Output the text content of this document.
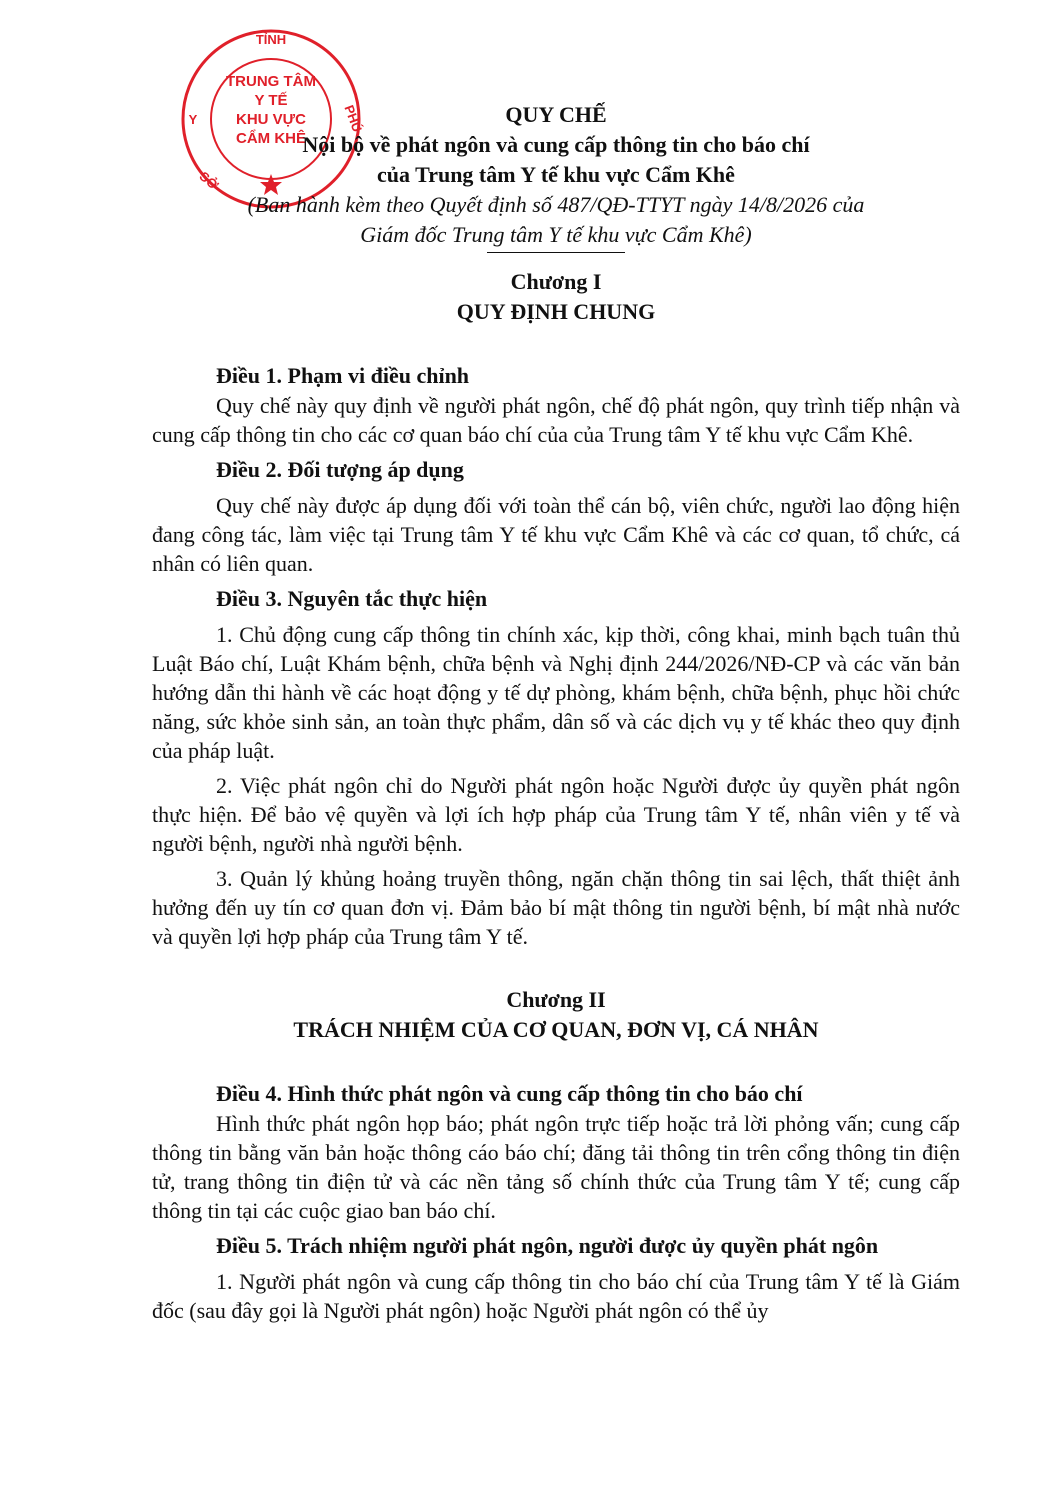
TỈNH
Y	PHÚ
SỞ
TRUNG TÂM
Y TẾ
KHU VỰC
CẨM KHÊ

QUY CHẾ

Nội bộ về phát ngôn và cung cấp thông tin cho báo chí

của Trung tâm Y tế khu vực Cẩm Khê

(Ban hành kèm theo Quyết định số 487/QĐ-TTYT ngày 14/8/2026 của

Giám đốc Trung tâm Y tế khu vực Cẩm Khê)

Chương I

QUY ĐỊNH CHUNG

Điều 1. Phạm vi điều chỉnh

Quy chế này quy định về người phát ngôn, chế độ phát ngôn, quy trình tiếp nhận và cung cấp thông tin cho các cơ quan báo chí của của Trung tâm Y tế khu vực Cẩm Khê.

Điều 2. Đối tượng áp dụng

Quy chế này được áp dụng đối với toàn thể cán bộ, viên chức, người lao động hiện đang công tác, làm việc tại Trung tâm Y tế khu vực Cẩm Khê và các cơ quan, tổ chức, cá nhân có liên quan.

Điều 3. Nguyên tắc thực hiện

1. Chủ động cung cấp thông tin chính xác, kịp thời, công khai, minh bạch tuân thủ Luật Báo chí, Luật Khám bệnh, chữa bệnh và Nghị định 244/2026/NĐ-CP và các văn bản hướng dẫn thi hành về các hoạt động y tế dự phòng, khám bệnh, chữa bệnh, phục hồi chức năng, sức khỏe sinh sản, an toàn thực phẩm, dân số và các dịch vụ y tế khác theo quy định của pháp luật.

2. Việc phát ngôn chỉ do Người phát ngôn hoặc Người được ủy quyền phát ngôn thực hiện. Để bảo vệ quyền và lợi ích hợp pháp của Trung tâm Y tế, nhân viên y tế và người bệnh, người nhà người bệnh.

3. Quản lý khủng hoảng truyền thông, ngăn chặn thông tin sai lệch, thất thiệt ảnh hưởng đến uy tín cơ quan đơn vị. Đảm bảo bí mật thông tin người bệnh, bí mật nhà nước và quyền lợi hợp pháp của Trung tâm Y tế.

Chương II

TRÁCH NHIỆM CỦA CƠ QUAN, ĐƠN VỊ, CÁ NHÂN

Điều 4. Hình thức phát ngôn và cung cấp thông tin cho báo chí

Hình thức phát ngôn họp báo; phát ngôn trực tiếp hoặc trả lời phỏng vấn; cung cấp thông tin bằng văn bản hoặc thông cáo báo chí; đăng tải thông tin trên cổng thông tin điện tử, trang thông tin điện tử và các nền tảng số chính thức của Trung tâm Y tế; cung cấp thông tin tại các cuộc giao ban báo chí.

Điều 5. Trách nhiệm người phát ngôn, người được ủy quyền phát ngôn

1. Người phát ngôn và cung cấp thông tin cho báo chí của Trung tâm Y tế là Giám đốc (sau đây gọi là Người phát ngôn) hoặc Người phát ngôn có thể ủy
